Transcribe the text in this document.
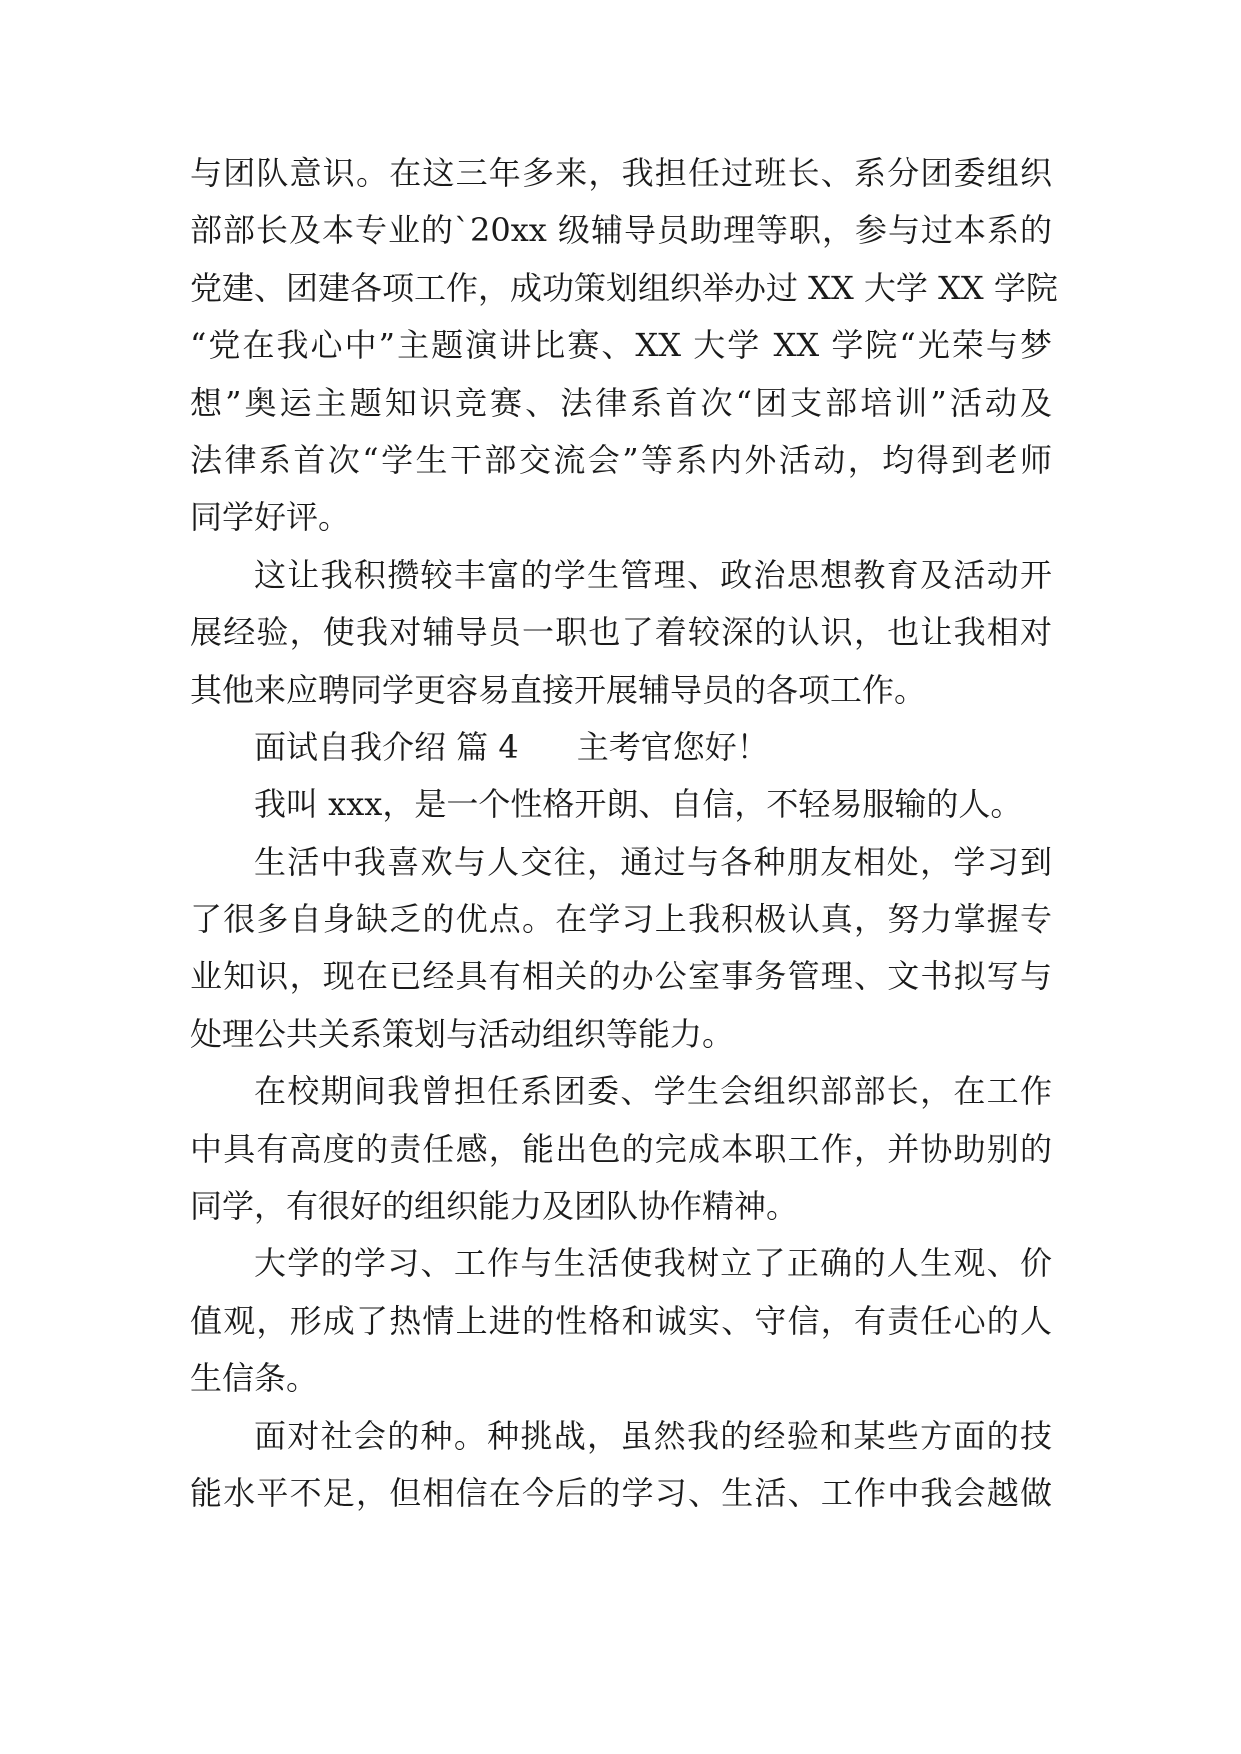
与团队意识。在这三年多来，我担任过班长、系分团委组织
部部长及本专业的`20xx 级辅导员助理等职，参与过本系的
党建、团建各项工作，成功策划组织举办过 XX 大学 XX 学院
“党在我心中”主题演讲比赛、XX 大学 XX 学院“光荣与梦
想”奥运主题知识竞赛、法律系首次“团支部培训”活动及
法律系首次“学生干部交流会”等系内外活动，均得到老师
同学好评。
这让我积攒较丰富的学生管理、政治思想教育及活动开
展经验，使我对辅导员一职也了着较深的认识，也让我相对
其他来应聘同学更容易直接开展辅导员的各项工作。
面试自我介绍 篇 4 主考官您好！
我叫 xxx，是一个性格开朗、自信，不轻易服输的人。
生活中我喜欢与人交往，通过与各种朋友相处，学习到
了很多自身缺乏的优点。在学习上我积极认真，努力掌握专
业知识，现在已经具有相关的办公室事务管理、文书拟写与
处理公共关系策划与活动组织等能力。
在校期间我曾担任系团委、学生会组织部部长，在工作
中具有高度的责任感，能出色的完成本职工作，并协助别的
同学，有很好的组织能力及团队协作精神。
大学的学习、工作与生活使我树立了正确的人生观、价
值观，形成了热情上进的性格和诚实、守信，有责任心的人
生信条。
面对社会的种。种挑战，虽然我的经验和某些方面的技
能水平不足，但相信在今后的学习、生活、工作中我会越做
